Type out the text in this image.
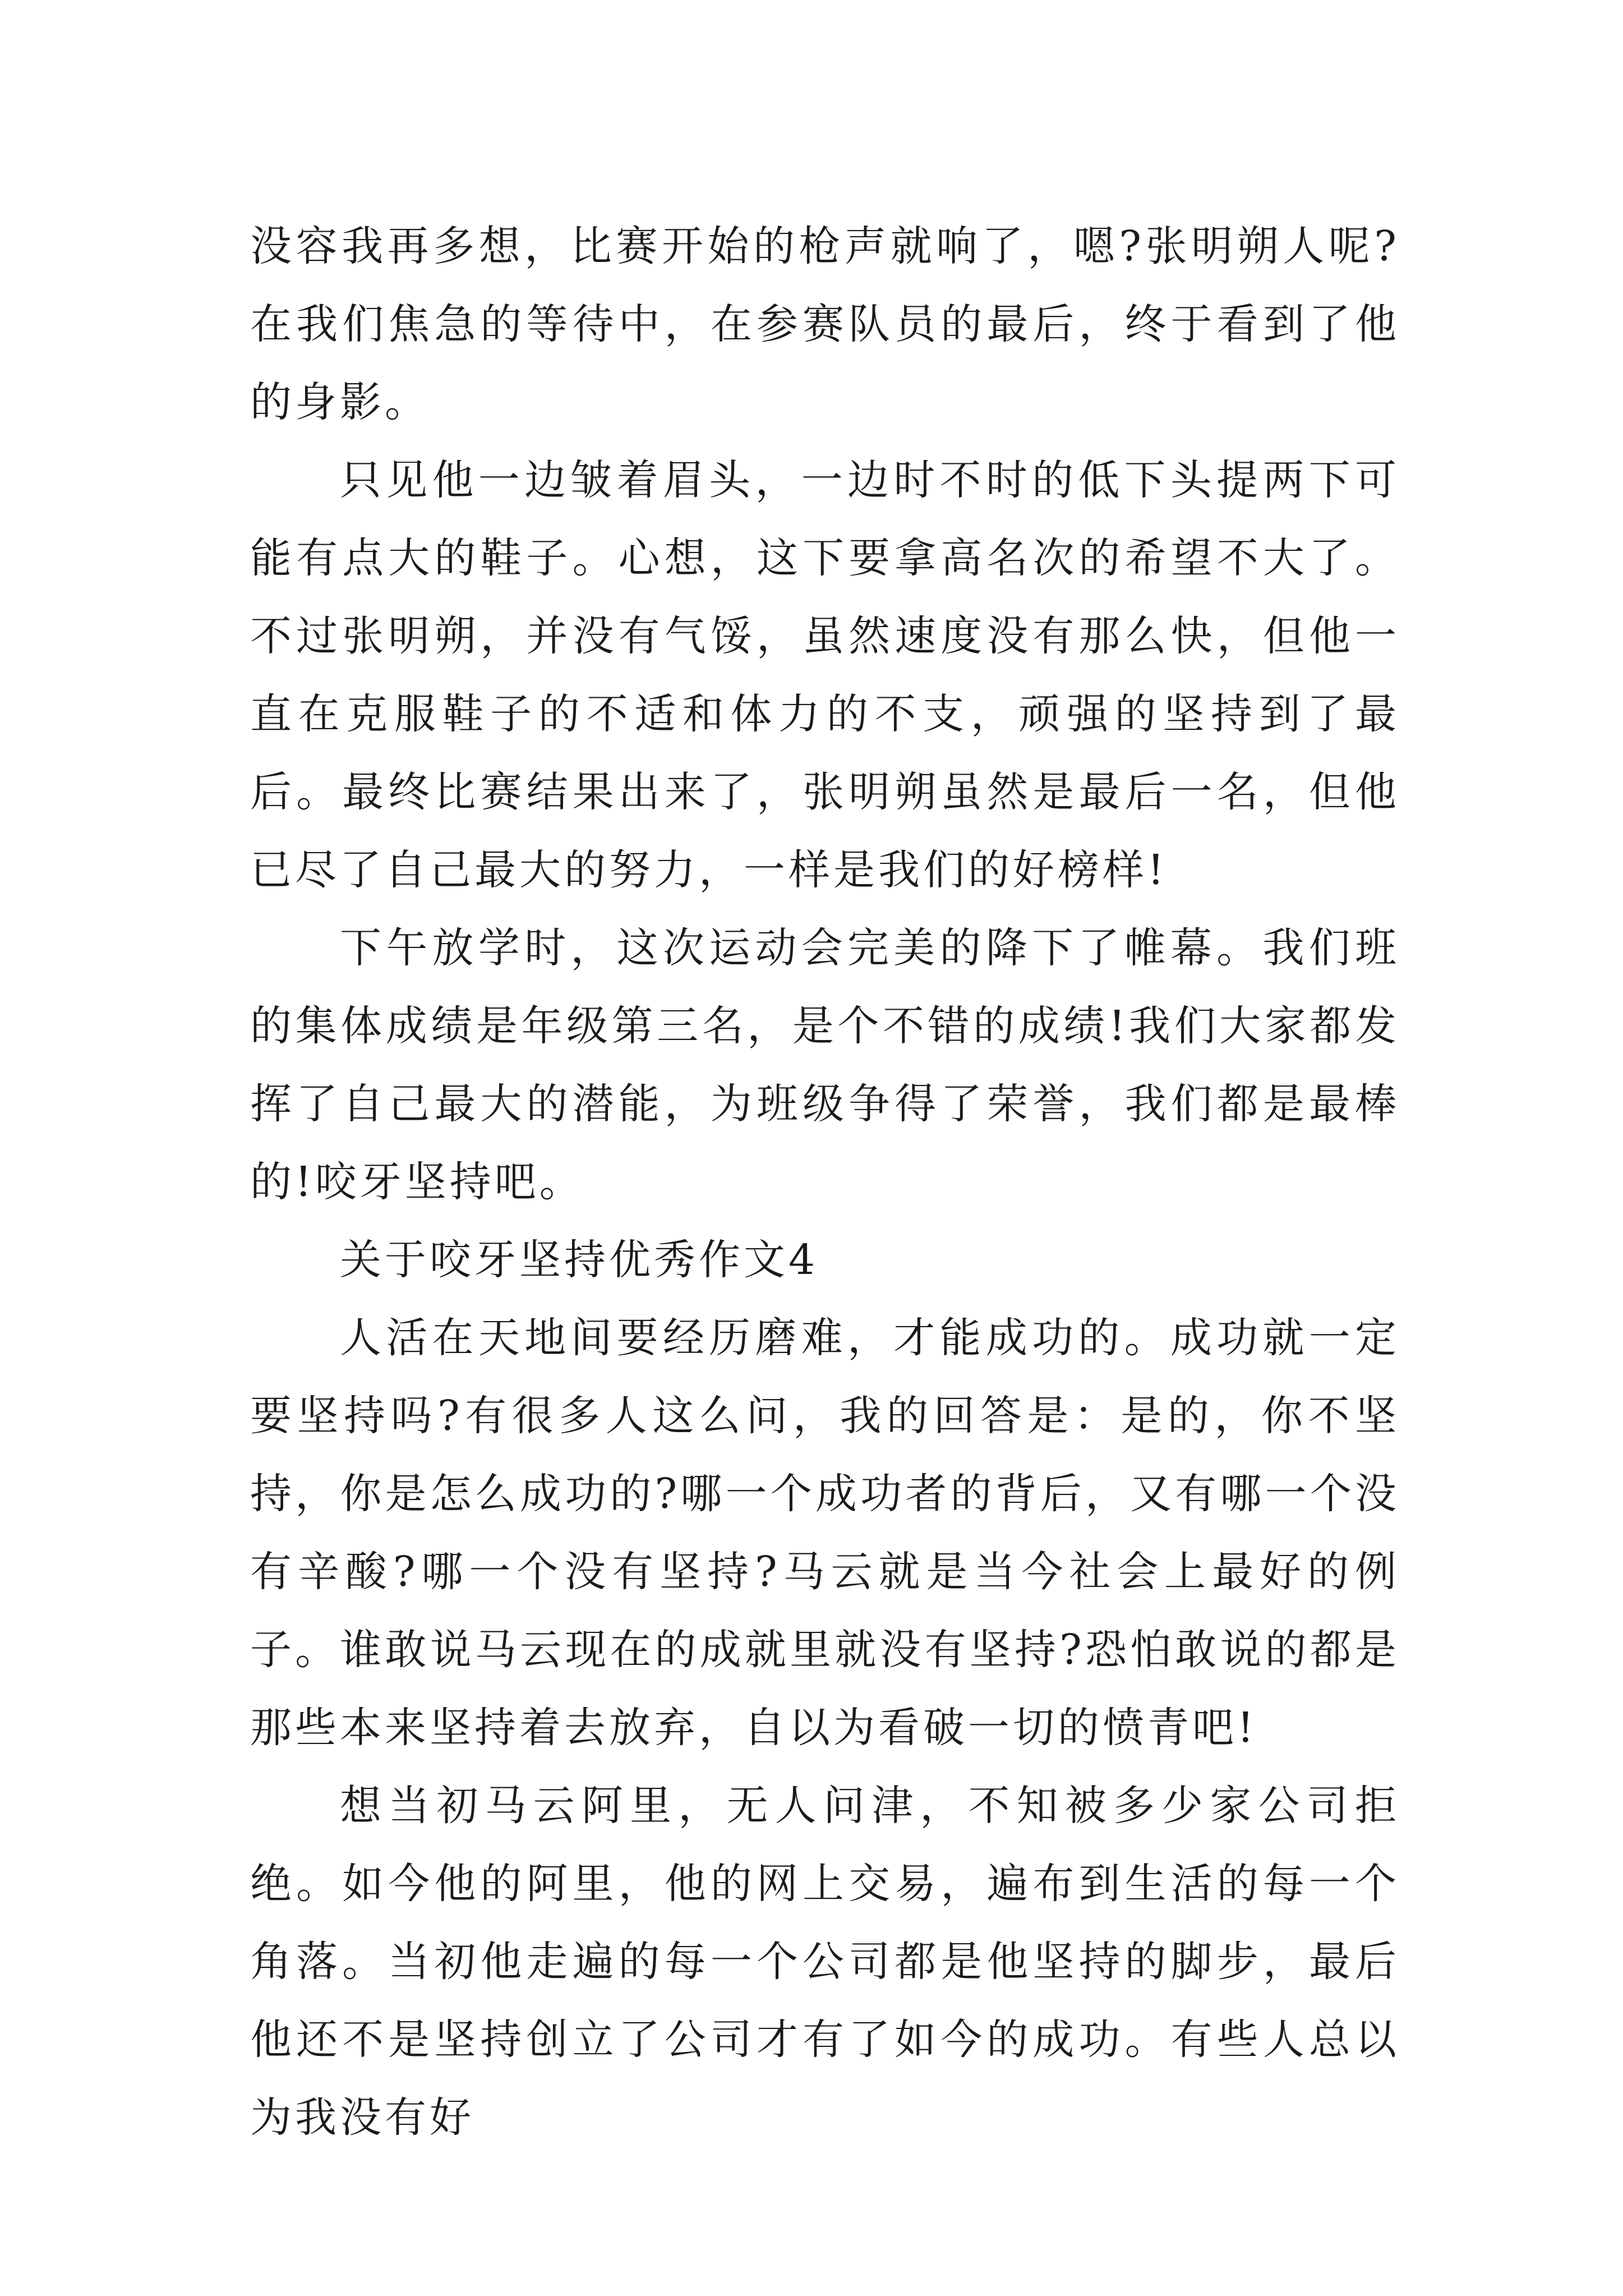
没容我再多想，比赛开始的枪声就响了，嗯?张明朔人呢?在我们焦急的等待中，在参赛队员的最后，终于看到了他的身影。

只见他一边皱着眉头，一边时不时的低下头提两下可能有点大的鞋子。心想，这下要拿高名次的希望不大了。不过张明朔，并没有气馁，虽然速度没有那么快，但他一直在克服鞋子的不适和体力的不支，顽强的坚持到了最后。最终比赛结果出来了，张明朔虽然是最后一名，但他已尽了自己最大的努力，一样是我们的好榜样!

下午放学时，这次运动会完美的降下了帷幕。我们班的集体成绩是年级第三名，是个不错的成绩!我们大家都发挥了自己最大的潜能，为班级争得了荣誉，我们都是最棒的!咬牙坚持吧。

关于咬牙坚持优秀作文4

人活在天地间要经历磨难，才能成功的。成功就一定要坚持吗?有很多人这么问，我的回答是：是的，你不坚持，你是怎么成功的?哪一个成功者的背后，又有哪一个没有辛酸?哪一个没有坚持?马云就是当今社会上最好的例子。谁敢说马云现在的成就里就没有坚持?恐怕敢说的都是那些本来坚持着去放弃，自以为看破一切的愤青吧!

想当初马云阿里，无人问津，不知被多少家公司拒绝。如今他的阿里，他的网上交易，遍布到生活的每一个角落。当初他走遍的每一个公司都是他坚持的脚步，最后他还不是坚持创立了公司才有了如今的成功。有些人总以为我没有好
